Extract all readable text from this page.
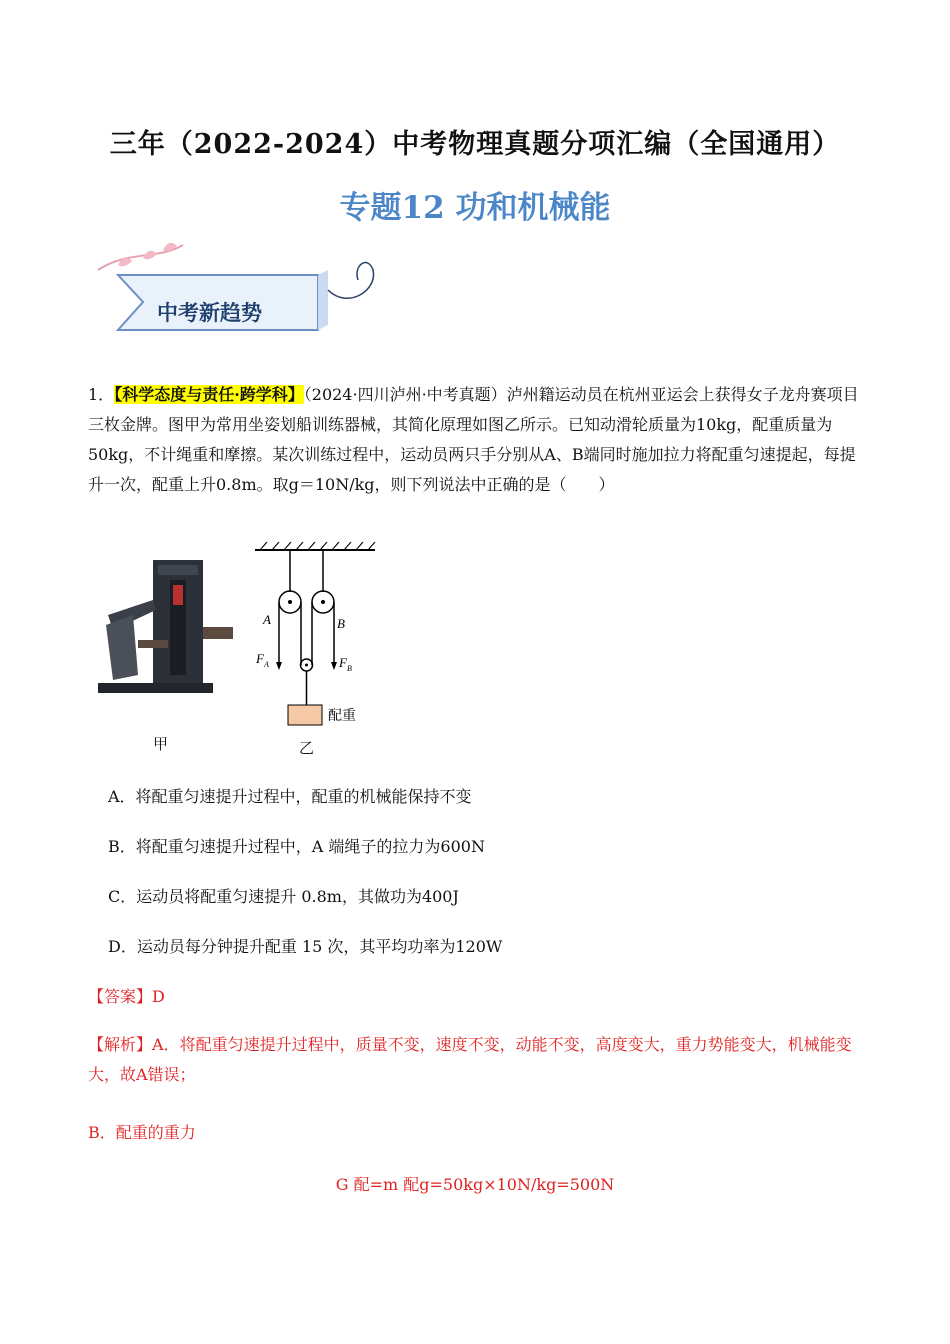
三年（2022-2024）中考物理真题分项汇编（全国通用）
专题12 功和机械能
中考新趋势
1．【科学态度与责任·跨学科】（2024·四川泸州·中考真题）泸州籍运动员在杭州亚运会上获得女子龙舟赛项目三枚金牌。图甲为常用坐姿划船训练器械，其简化原理如图乙所示。已知动滑轮质量为10kg，配重质量为50kg，不计绳重和摩擦。某次训练过程中，运动员两只手分别从A、B端同时施加拉力将配重匀速提起，每提升一次，配重上升0.8m。取g＝10N/kg，则下列说法中正确的是（　　）
A	B
F A	F B
配重
甲	乙
A．将配重匀速提升过程中，配重的机械能保持不变
B．将配重匀速提升过程中，A 端绳子的拉力为600N
C．运动员将配重匀速提升 0.8m，其做功为400J
D．运动员每分钟提升配重 15 次，其平均功率为120W
【答案】D
【解析】A．将配重匀速提升过程中，质量不变，速度不变，动能不变，高度变大，重力势能变大，机械能变大，故A错误；
B．配重的重力
G 配=m 配g=50kg×10N/kg=500N
